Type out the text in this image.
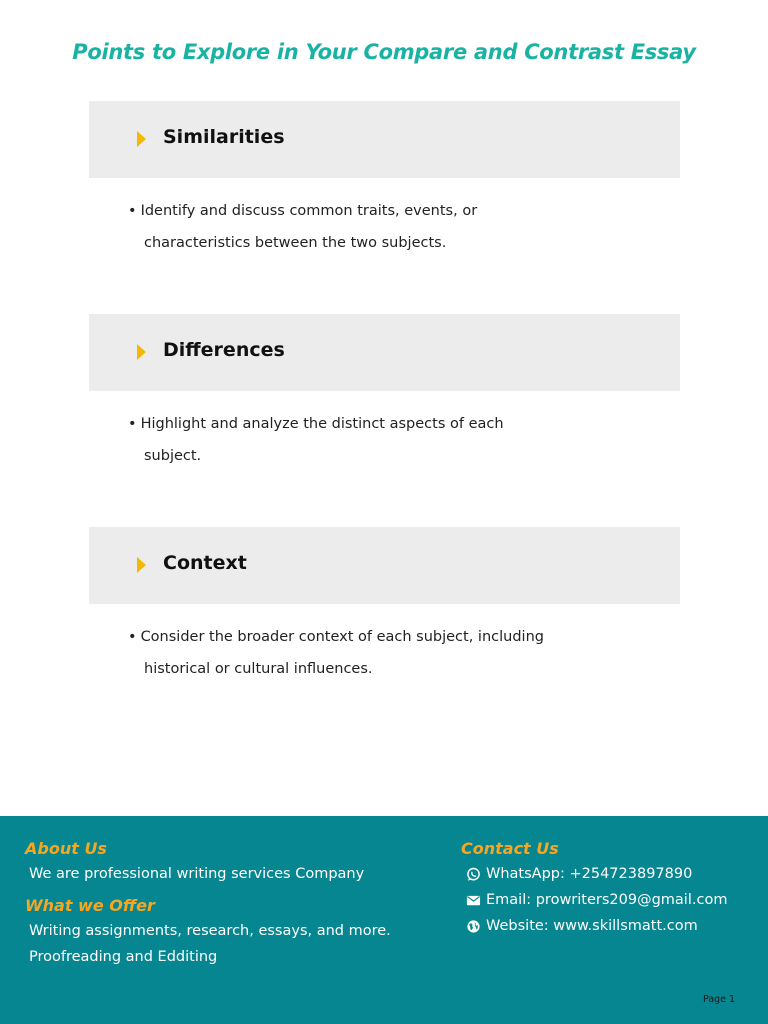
Points to Explore in Your Compare and Contrast Essay
Similarities
• Identify and discuss common traits, events, or
characteristics between the two subjects.
Differences
• Highlight and analyze the distinct aspects of each
subject.
Context
• Consider the broader context of each subject, including
historical or cultural influences.
About Us
We are professional writing services Company
What we Offer
Writing assignments, research, essays, and more.
Proofreading and Edditing
Contact Us
WhatsApp: +254723897890
Email: prowriters209@gmail.com
Website: www.skillsmatt.com
Page 1
